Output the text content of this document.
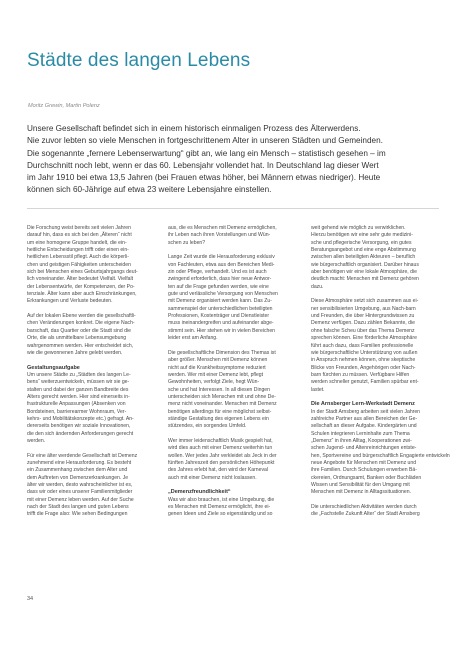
Städte des langen Lebens
Moritz Grewin, Martin Polenz

Unsere Gesellschaft befindet sich in einem historisch einmaligen Prozess des Älterwerdens.

Nie zuvor lebten so viele Menschen in fortgeschrittenem Alter in unseren Städten und Gemeinden.

Die sogenannte „fernere Lebenserwartung“ gibt an, wie lang ein Mensch – statistisch gesehen – im

Durchschnitt noch lebt, wenn er das 60. Lebensjahr vollendet hat. In Deutschland lag dieser Wert

im Jahr 1910 bei etwa 13,5 Jahren (bei Frauen etwas höher, bei Männern etwas niedriger). Heute

können sich 60-Jährige auf etwa 23 weitere Lebensjahre einstellen.

Die Forschung weist bereits seit vielen Jahren
darauf hin, dass es sich bei den „Älteren“ nicht
um eine homogene Gruppe handelt, die ein-
heitliche Entscheidungen trifft oder einen ein-
heitlichen Lebensstil pflegt. Auch die körperli-
chen und geistigen Fähigkeiten unterscheiden
sich bei Menschen eines Geburtsjahrgangs deut-
lich voneinander. Älter bedeutet Vielfalt. Vielfalt
der Lebensentwürfe, der Kompetenzen, der Po-
tenziale. Älter kann aber auch Einschränkungen,
Erkrankungen und Verluste bedeuten.

Auf der lokalen Ebene werden die gesellschaftli-
chen Veränderungen konkret. Die eigene Nach-
barschaft, das Quartier oder die Stadt sind die
Orte, die als unmittelbare Lebensumgebung
wahrgenommen werden. Hier entscheidet sich,
wie die gewonnenen Jahre gelebt werden.

Gestaltungsaufgabe

Um unsere Städte zu „Städten des langen Le-
bens“ weiterzuentwickeln, müssen wir sie ge-
stalten und dabei der ganzen Bandbreite des
Alters gerecht werden. Hier sind einerseits in-
frastrukturelle Anpassungen (Absenken von
Bordsteinen, barrierearmer Wohnraum, Ver-
kehrs- und Mobilitätskonzepte etc.) gefragt. An-
dererseits benötigen wir soziale Innovationen,
die den sich ändernden Anforderungen gerecht
werden.

Für eine älter werdende Gesellschaft ist Demenz
zunehmend eine Herausforderung. Es besteht
ein Zusammenhang zwischen dem Alter und
dem Auftreten von Demenzerkrankungen. Je
älter wir werden, desto wahrscheinlicher ist es,
dass wir oder eines unserer Familienmitglieder
mit einer Demenz leben werden. Auf der Suche
nach der Stadt des langen und guten Lebens
trifft die Frage also: Wie sehen Bedingungen

aus, die es Menschen mit Demenz ermöglichen,
ihr Leben nach ihren Vorstellungen und Wün-
schen zu leben?

Lange Zeit wurde die Herausforderung exklusiv
von Fachleuten, etwa aus den Bereichen Medi-
zin oder Pflege, verhandelt. Und es ist auch
zwingend erforderlich, dass hier neue Antwor-
ten auf die Frage gefunden werden, wie eine
gute und verlässliche Versorgung von Menschen
mit Demenz organisiert werden kann. Das Zu-
sammenspiel der unterschiedlichen beteiligten
Professionen, Kostenträger und Dienstleister
muss ineinandergreifen und aufeinander abge-
stimmt sein. Hier stehen wir in vielen Bereichen
leider erst am Anfang.

Die gesellschaftliche Dimension des Themas ist
aber größer. Menschen mit Demenz können
nicht auf die Krankheitssymptome reduziert
werden. Wer mit einer Demenz lebt, pflegt
Gewohnheiten, verfolgt Ziele, hegt Wün-
sche und hat Interessen. In all diesen Dingen
unterscheiden sich Menschen mit und ohne De-
menz nicht voneinander. Menschen mit Demenz
benötigen allerdings für eine möglichst selbst-
ständige Gestaltung des eigenen Lebens ein
stützendes, ein sorgendes Umfeld.

Wer immer leidenschaftlich Musik gespielt hat,
wird dies auch mit einer Demenz weiterhin tun
wollen. Wer jedes Jahr verkleidet als Jeck in der
fünften Jahreszeit den persönlichen Höhepunkt
des Jahres erlebt hat, den wird der Karneval
auch mit einer Demenz nicht loslassen.

„Demenzfreundlichkeit“

Was wir also brauchen, ist eine Umgebung, die
es Menschen mit Demenz ermöglicht, ihre ei-
genen Ideen und Ziele so eigenständig und so

weit gehend wie möglich zu verwirklichen.
Hierzu benötigen wir eine sehr gute medizini-
sche und pflegerische Versorgung, ein gutes
Beratungsangebot und eine enge Abstimmung
zwischen allen beteiligten Akteuren – beruflich
wie bürgerschaftlich organisiert. Darüber hinaus
aber benötigen wir eine lokale Atmosphäre, die
deutlich macht: Menschen mit Demenz gehören
dazu.

Diese Atmosphäre setzt sich zusammen aus ei-
ner sensibilisierten Umgebung, aus Nach-barn
und Freunden, die über Hintergrundwissen zu
Demenz verfügen. Dazu zählen Bekannte, die
ohne falsche Scheu über das Thema Demenz
sprechen können. Eine förderliche Atmosphäre
führt auch dazu, dass Familien professionelle
wie bürgerschaftliche Unterstützung von außen
in Anspruch nehmen können, ohne skeptische
Blicke von Freunden, Angehörigen oder Nach-
barn fürchten zu müssen. Verfügbare Hilfen
werden schneller genutzt, Familien spürbar ent-
lastet.

Die Arnsberger Lern-Werkstadt Demenz

In der Stadt Arnsberg arbeiten seit vielen Jahren
zahlreiche Partner aus allen Bereichen der Ge-
sellschaft an dieser Aufgabe. Kindergärten und
Schulen integrieren Lerninhalte zum Thema
„Demenz“ in ihren Alltag, Kooperationen zwi-
schen Jugend- und Altenreinrichtungen entste-
hen, Sportvereine und bürgerschaftlich Engagierte entwickeln
neue Angebote für Menschen mit Demenz und
ihre Familien. Durch Schulungen erwerben Bä-
ckereien, Ordnungsamt, Banken oder Buchläden
Wissen und Sensibilität für den Umgang mit
Menschen mit Demenz in Alltagssituationen.

Die unterschiedlichen Aktivitäten werden durch
die „Fachstelle Zukunft Alter“ der Stadt Arnsberg

34
